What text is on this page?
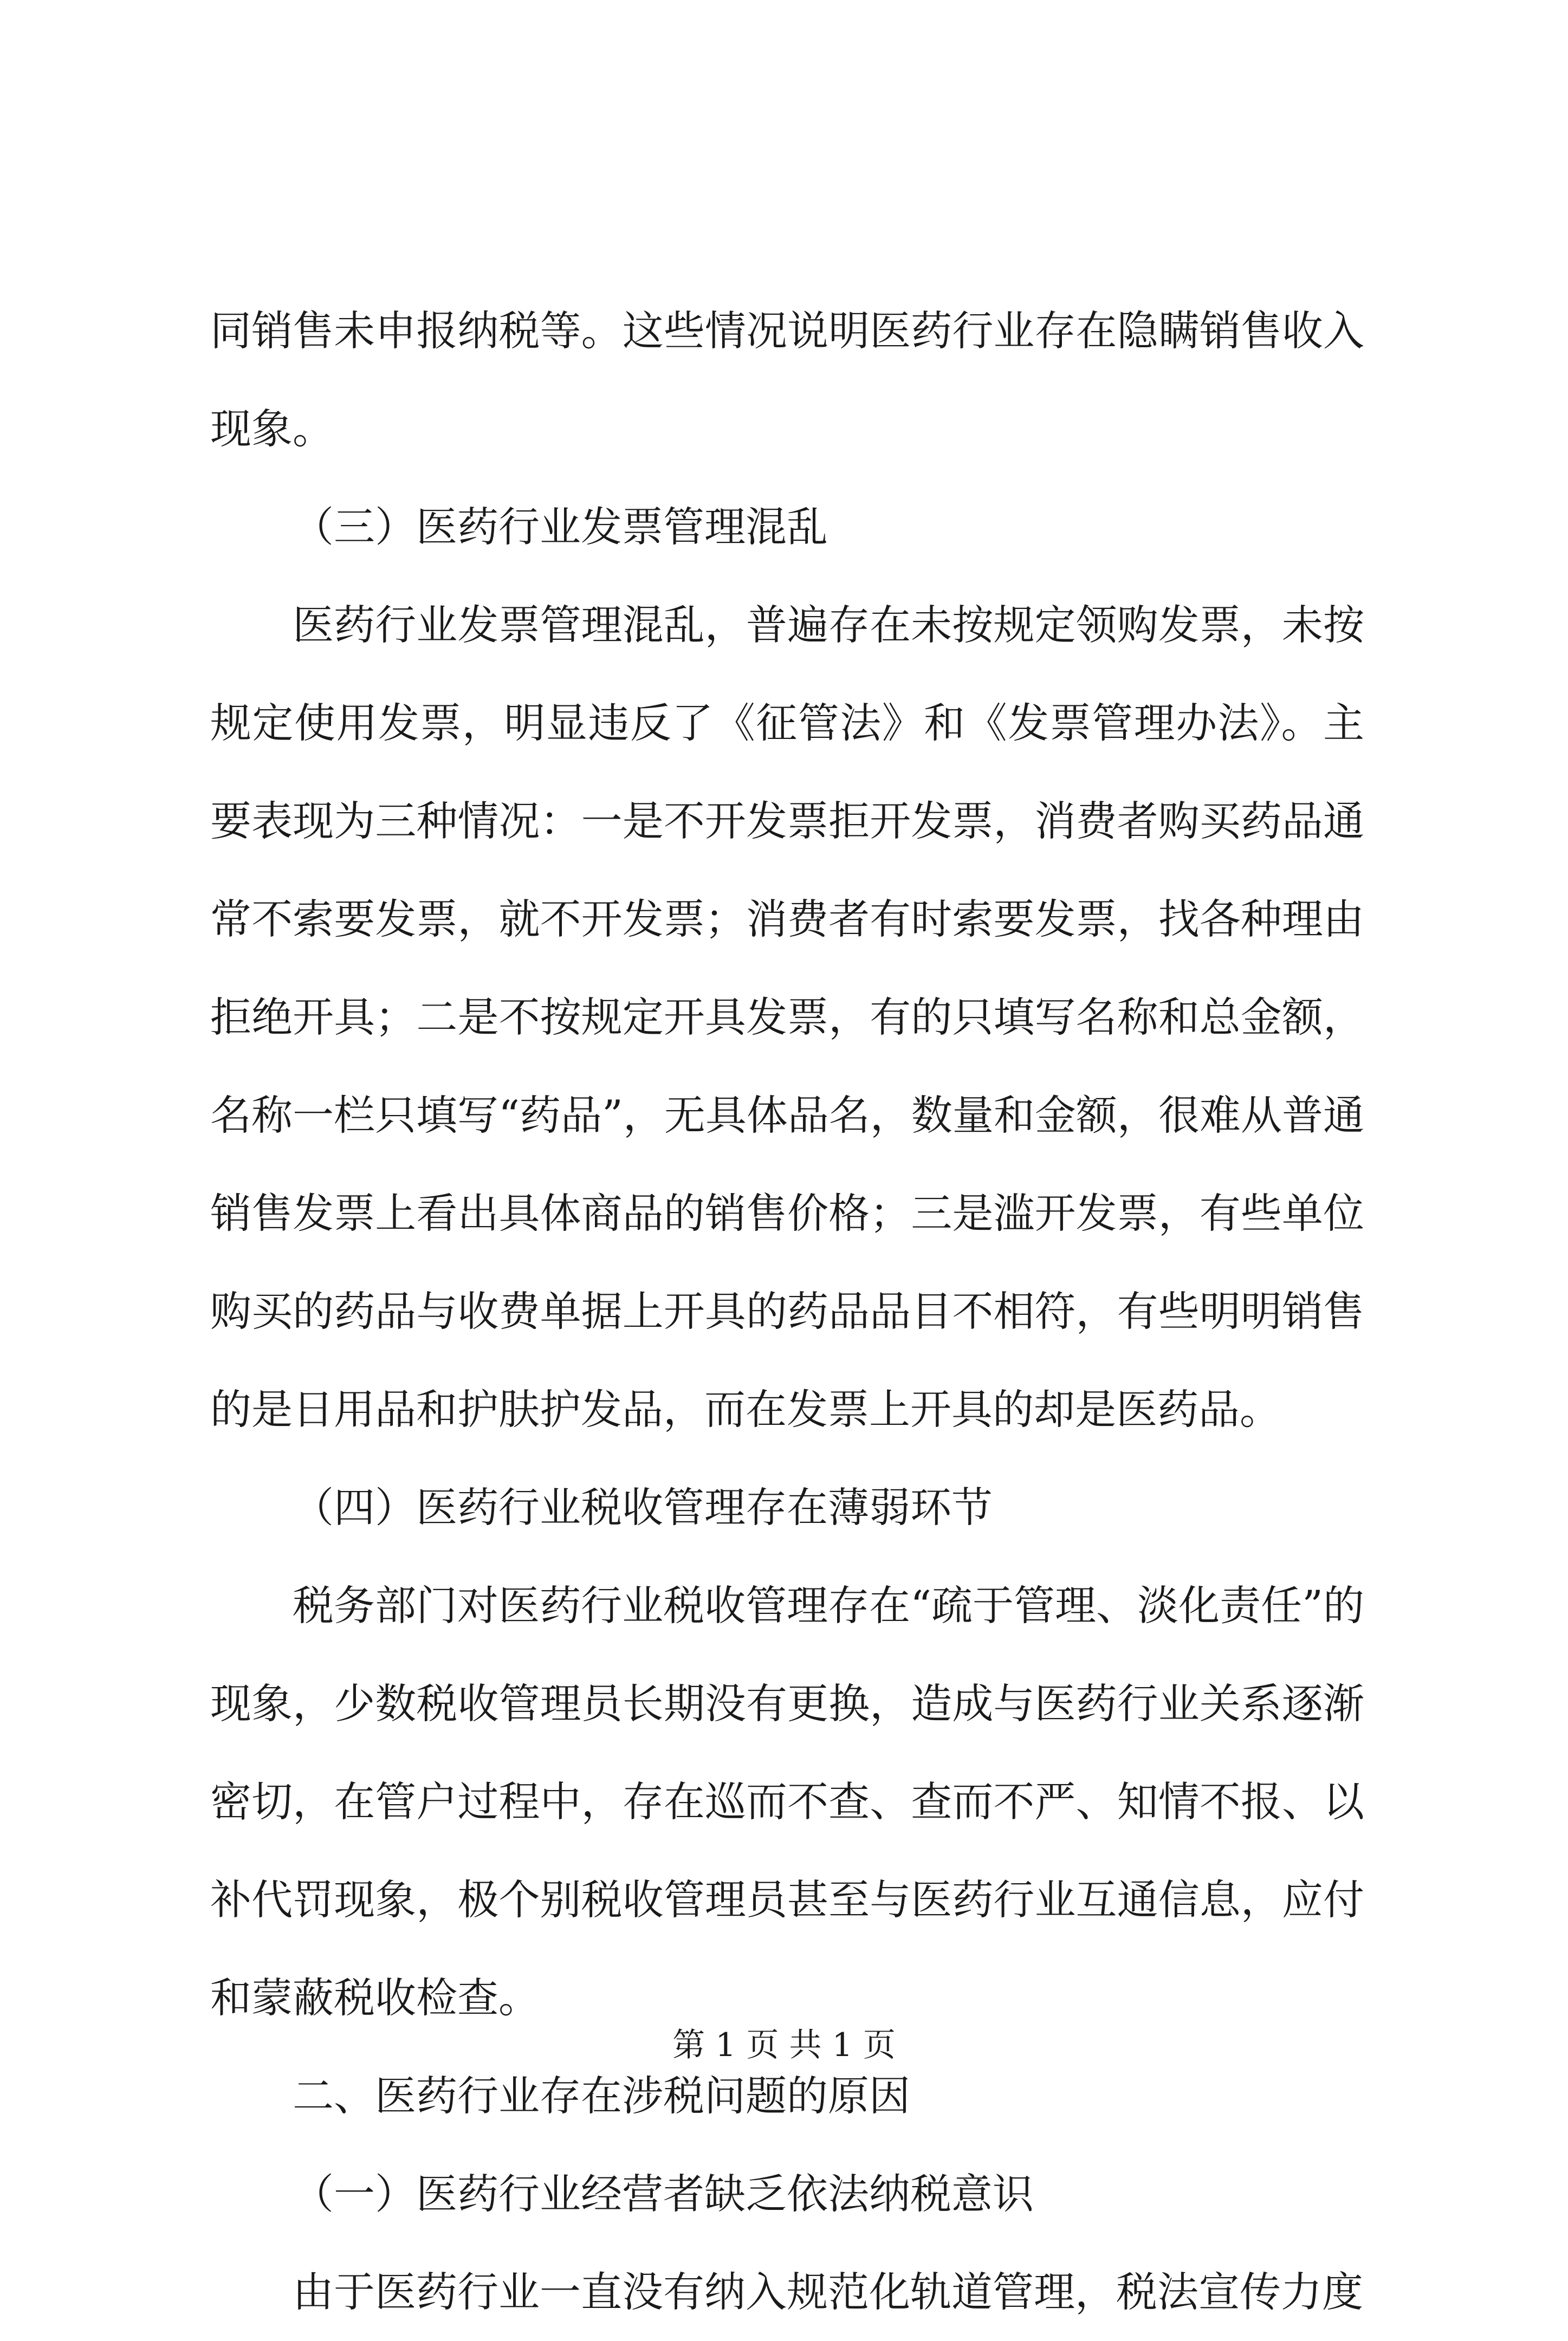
同销售未申报纳税等。这些情况说明医药行业存在隐瞒销售收入现象。

（三）医药行业发票管理混乱

医药行业发票管理混乱，普遍存在未按规定领购发票，未按规定使用发票，明显违反了《征管法》和《发票管理办法》。主要表现为三种情况：一是不开发票拒开发票，消费者购买药品通常不索要发票，就不开发票；消费者有时索要发票，找各种理由拒绝开具；二是不按规定开具发票，有的只填写名称和总金额，名称一栏只填写“药品”，无具体品名，数量和金额，很难从普通销售发票上看出具体商品的销售价格；三是滥开发票，有些单位购买的药品与收费单据上开具的药品品目不相符，有些明明销售的是日用品和护肤护发品，而在发票上开具的却是医药品。

（四）医药行业税收管理存在薄弱环节

税务部门对医药行业税收管理存在“疏于管理、淡化责任”的现象，少数税收管理员长期没有更换，造成与医药行业关系逐渐密切，在管户过程中，存在巡而不查、查而不严、知情不报、以补代罚现象，极个别税收管理员甚至与医药行业互通信息，应付和蒙蔽税收检查。

二、医药行业存在涉税问题的原因

（一）医药行业经营者缺乏依法纳税意识

由于医药行业一直没有纳入规范化轨道管理，税法宣传力度

第 1 页 共 1 页
